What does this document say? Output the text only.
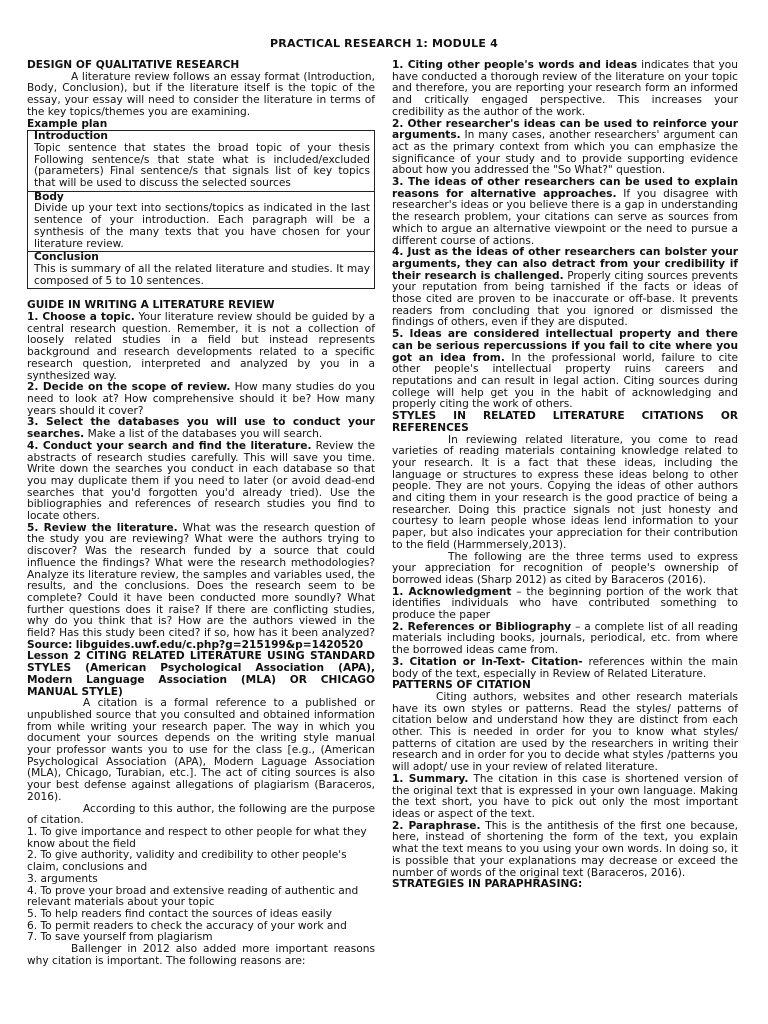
PRACTICAL RESEARCH 1: MODULE 4

DESIGN OF QUALITATIVE RESEARCH

A literature review follows an essay format (Introduction, Body, Conclusion), but if the literature itself is the topic of the essay, your essay will need to consider the literature in terms of the key topics/themes you are examining.

Example plan

Introduction

Topic sentence that states the broad topic of your thesis Following sentence/s that state what is included/excluded (parameters) Final sentence/s that signals list of key topics that will be used to discuss the selected sources

Body

Divide up your text into sections/topics as indicated in the last sentence of your introduction. Each paragraph will be a synthesis of the many texts that you have chosen for your literature review.

Conclusion

This is summary of all the related literature and studies. It may composed of 5 to 10 sentences.

GUIDE IN WRITING A LITERATURE REVIEW

1. Choose a topic. Your literature review should be guided by a central research question. Remember, it is not a collection of loosely related studies in a field but instead represents background and research developments related to a specific research question, interpreted and analyzed by you in a synthesized way.

2. Decide on the scope of review. How many studies do you need to look at? How comprehensive should it be? How many years should it cover?

3. Select the databases you will use to conduct your searches. Make a list of the databases you will search.

4. Conduct your search and find the literature. Review the abstracts of research studies carefully. This will save you time. Write down the searches you conduct in each database so that you may duplicate them if you need to later (or avoid dead-end searches that you'd forgotten you'd already tried). Use the bibliographies and references of research studies you find to locate others.

5. Review the literature. What was the research question of the study you are reviewing? What were the authors trying to discover? Was the research funded by a source that could influence the findings? What were the research methodologies? Analyze its literature review, the samples and variables used, the results, and the conclusions. Does the research seem to be complete? Could it have been conducted more soundly? What further questions does it raise? If there are conflicting studies, why do you think that is? How are the authors viewed in the field? Has this study been cited? if so, how has it been analyzed? Source: libguides.uwf.edu/c.php?g=215199&p=1420520

Lesson 2 CITING RELATED LITERATURE USING STANDARD STYLES (American Psychological Association (APA), Modern Language Association (MLA) OR CHICAGO MANUAL STYLE)

A citation is a formal reference to a published or unpublished source that you consulted and obtained information from while writing your research paper. The way in which you document your sources depends on the writing style manual your professor wants you to use for the class [e.g., (American Psychological Association (APA), Modern Laguage Association (MLA), Chicago, Turabian, etc.]. The act of citing sources is also your best defense against allegations of plagiarism (Baraceros, 2016).

According to this author, the following are the purpose of citation.

1. To give importance and respect to other people for what they know about the field
2. To give authority, validity and credibility to other people's claim, conclusions and
3. arguments
4. To prove your broad and extensive reading of authentic and relevant materials about your topic
5. To help readers find contact the sources of ideas easily
6. To permit readers to check the accuracy of your work and
7. To save yourself from plagiarism

Ballenger in 2012 also added more important reasons why citation is important. The following reasons are:

1. Citing other people's words and ideas indicates that you have conducted a thorough review of the literature on your topic and therefore, you are reporting your research form an informed and critically engaged perspective. This increases your credibility as the author of the work.

2. Other researcher's ideas can be used to reinforce your arguments. In many cases, another researchers' argument can act as the primary context from which you can emphasize the significance of your study and to provide supporting evidence about how you addressed the "So What?" question.

3. The ideas of other researchers can be used to explain reasons for alternative approaches. If you disagree with researcher's ideas or you believe there is a gap in understanding the research problem, your citations can serve as sources from which to argue an alternative viewpoint or the need to pursue a different course of actions.

4. Just as the ideas of other researchers can bolster your arguments, they can also detract from your credibility if their research is challenged. Properly citing sources prevents your reputation from being tarnished if the facts or ideas of those cited are proven to be inaccurate or off-base. It prevents readers from concluding that you ignored or dismissed the findings of others, even if they are disputed.

5. Ideas are considered intellectual property and there can be serious repercussions if you fail to cite where you got an idea from. In the professional world, failure to cite other people's intellectual property ruins careers and reputations and can result in legal action. Citing sources during college will help get you in the habit of acknowledging and properly citing the work of others.

STYLES IN RELATED LITERATURE CITATIONS OR REFERENCES

In reviewing related literature, you come to read varieties of reading materials containing knowledge related to your research. It is a fact that these ideas, including the language or structures to express these ideas belong to other people. They are not yours. Copying the ideas of other authors and citing them in your research is the good practice of being a researcher. Doing this practice signals not just honesty and courtesy to learn people whose ideas lend information to your paper, but also indicates your appreciation for their contribution to the field (Harmmersely,2013).

The following are the three terms used to express your appreciation for recognition of people's ownership of borrowed ideas (Sharp 2012) as cited by Baraceros (2016).

1. Acknowledgment – the beginning portion of the work that identifies individuals who have contributed something to produce the paper

2. References or Bibliography – a complete list of all reading materials including books, journals, periodical, etc. from where the borrowed ideas came from.

3. Citation or In-Text- Citation- references within the main body of the text, especially in Review of Related Literature.

PATTERNS OF CITATION

Citing authors, websites and other research materials have its own styles or patterns. Read the styles/ patterns of citation below and understand how they are distinct from each other. This is needed in order for you to know what styles/ patterns of citation are used by the researchers in writing their research and in order for you to decide what styles /patterns you will adopt/ use in your review of related literature.

1. Summary. The citation in this case is shortened version of the original text that is expressed in your own language. Making the text short, you have to pick out only the most important ideas or aspect of the text.

2. Paraphrase. This is the antithesis of the first one because, here, instead of shortening the form of the text, you explain what the text means to you using your own words. In doing so, it is possible that your explanations may decrease or exceed the number of words of the original text (Baraceros, 2016).

STRATEGIES IN PARAPHRASING:
